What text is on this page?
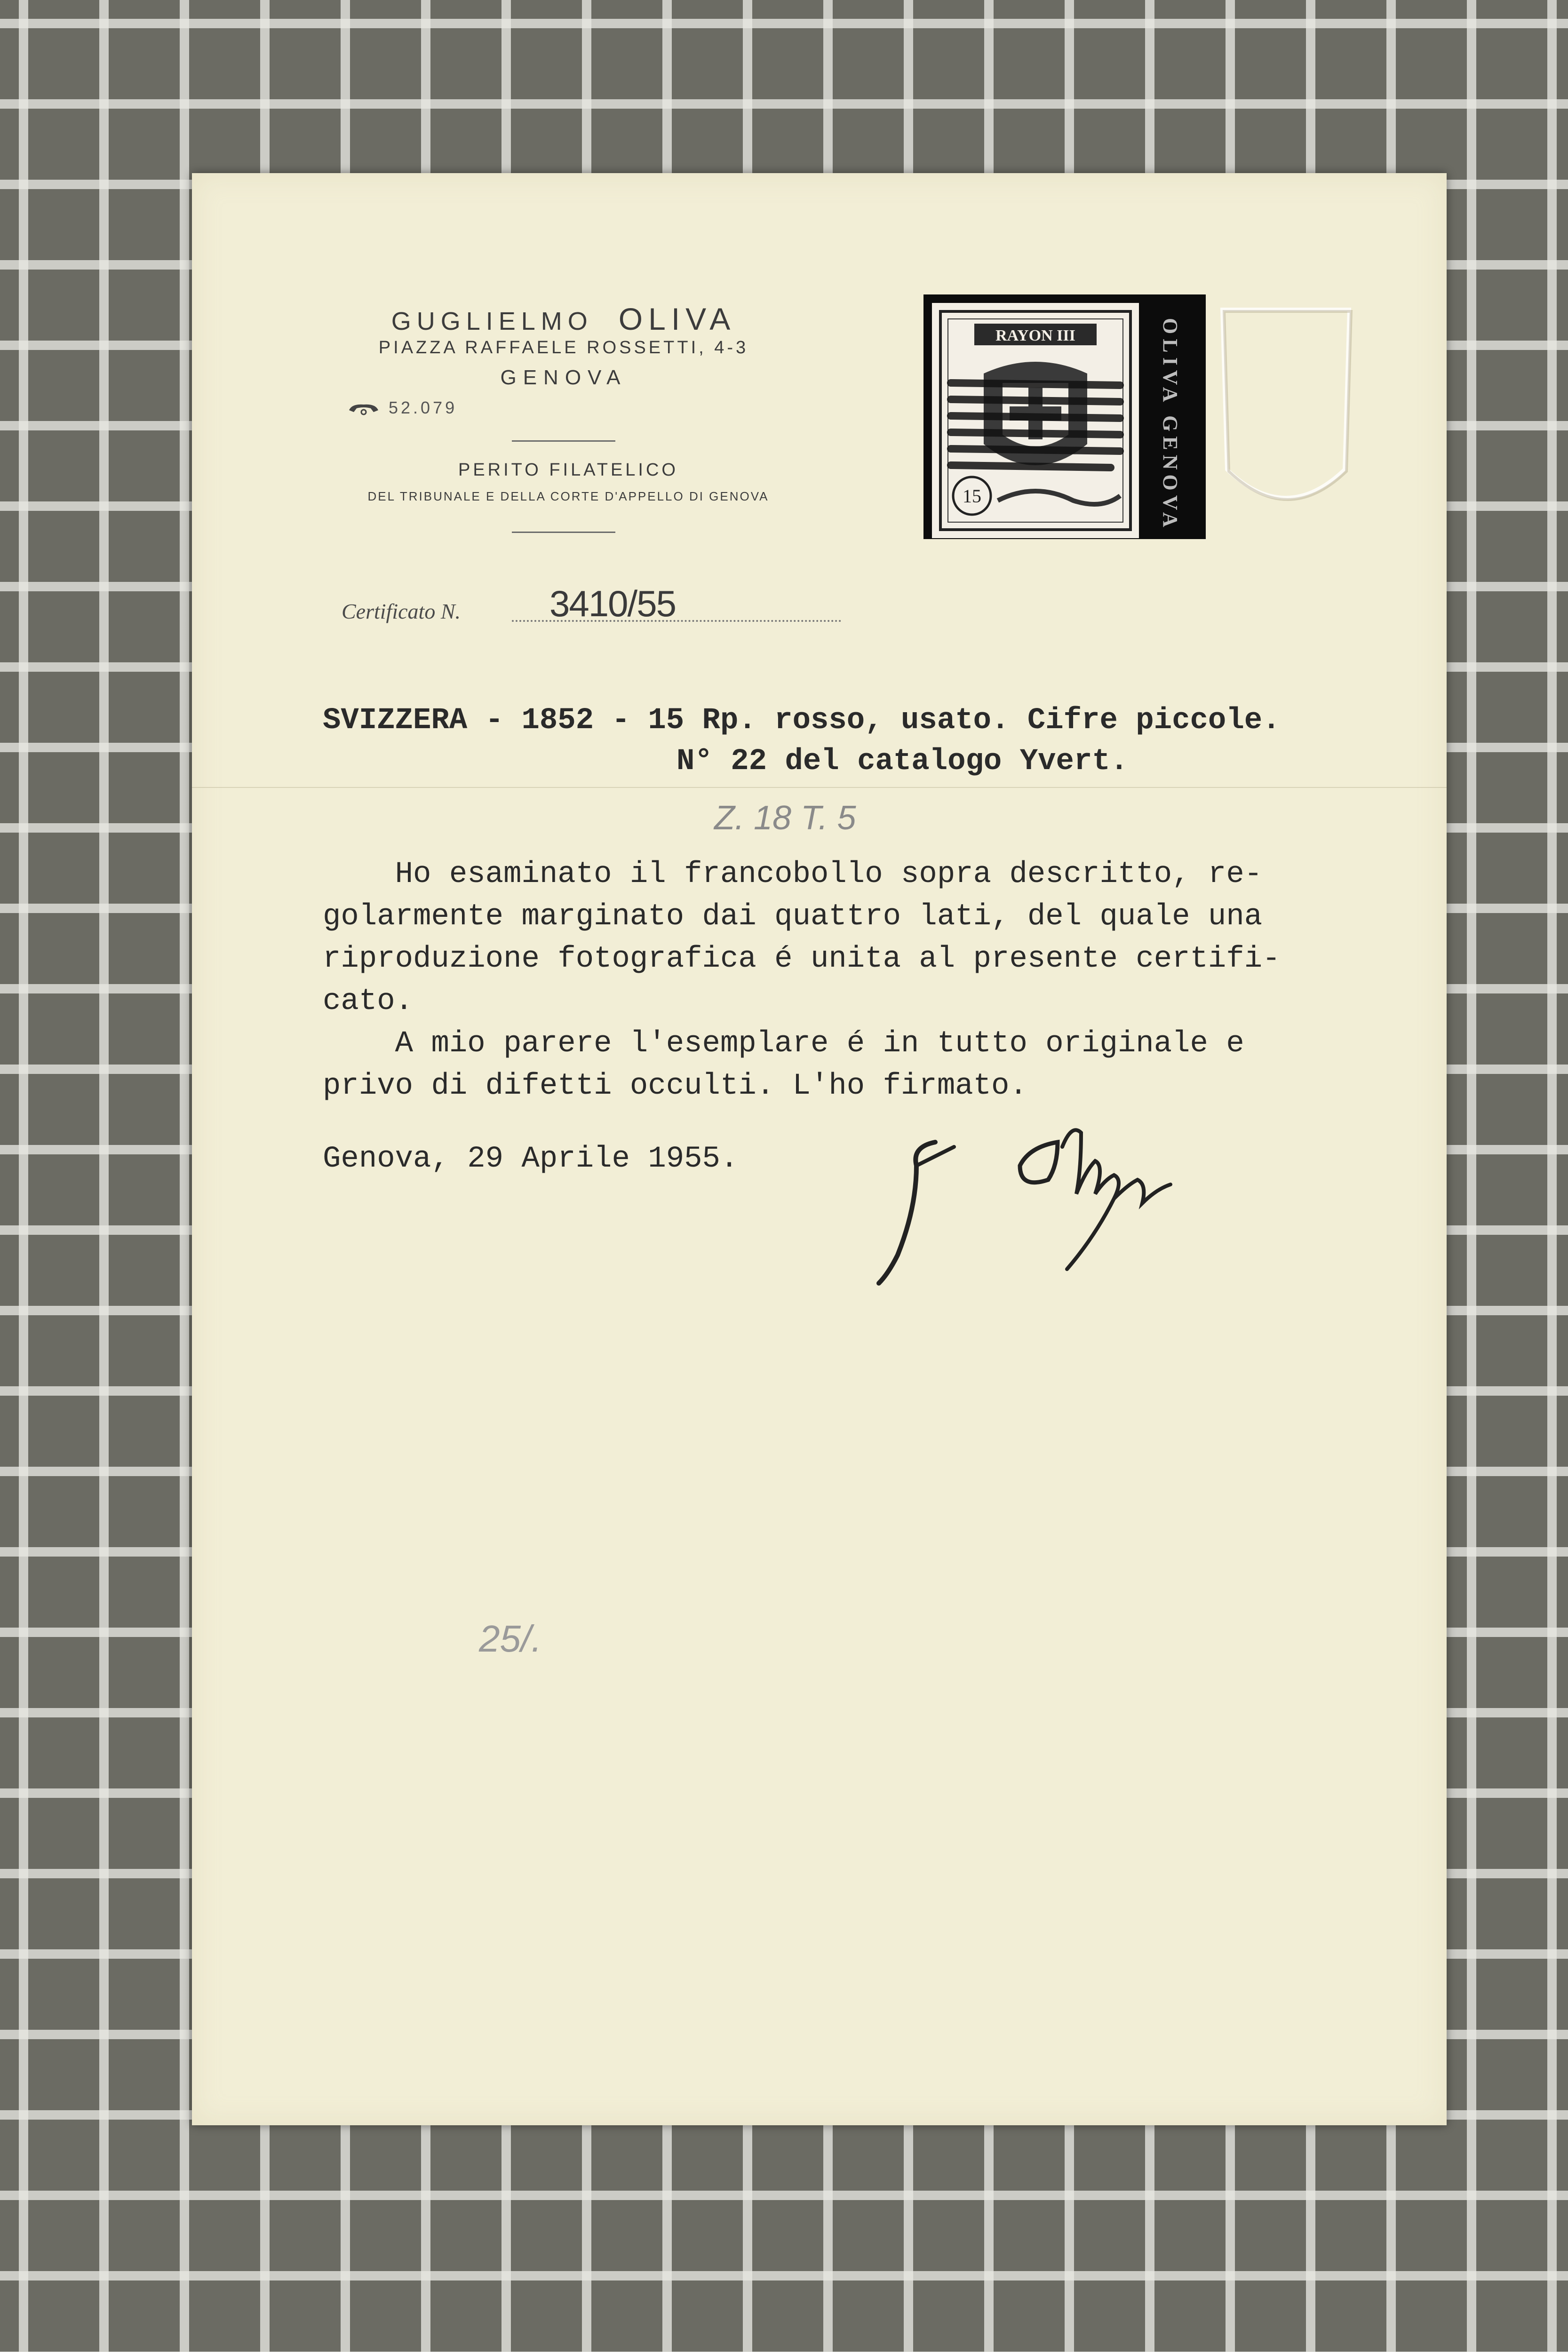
GUGLIELMO OLIVA
PIAZZA RAFFAELE ROSSETTI, 4-3
GENOVA
52.079
PERITO FILATELICO
DEL TRIBUNALE E DELLA CORTE D'APPELLO DI GENOVA
Certificato N. 3410/55
RAYON III
15	OLIVA GENOVA
SVIZZERA - 1852 - 15 Rp. rosso, usato. Cifre piccole.
N° 22 del catalogo Yvert.
Z. 18 T. 5
Ho esaminato il francobollo sopra descritto, re-
golarmente marginato dai quattro lati, del quale una
riproduzione fotografica é unita al presente certifi-
cato.
A mio parere l'esemplare é in tutto originale e
privo di difetti occulti. L'ho firmato.
Genova, 29 Aprile 1955.
25/.
